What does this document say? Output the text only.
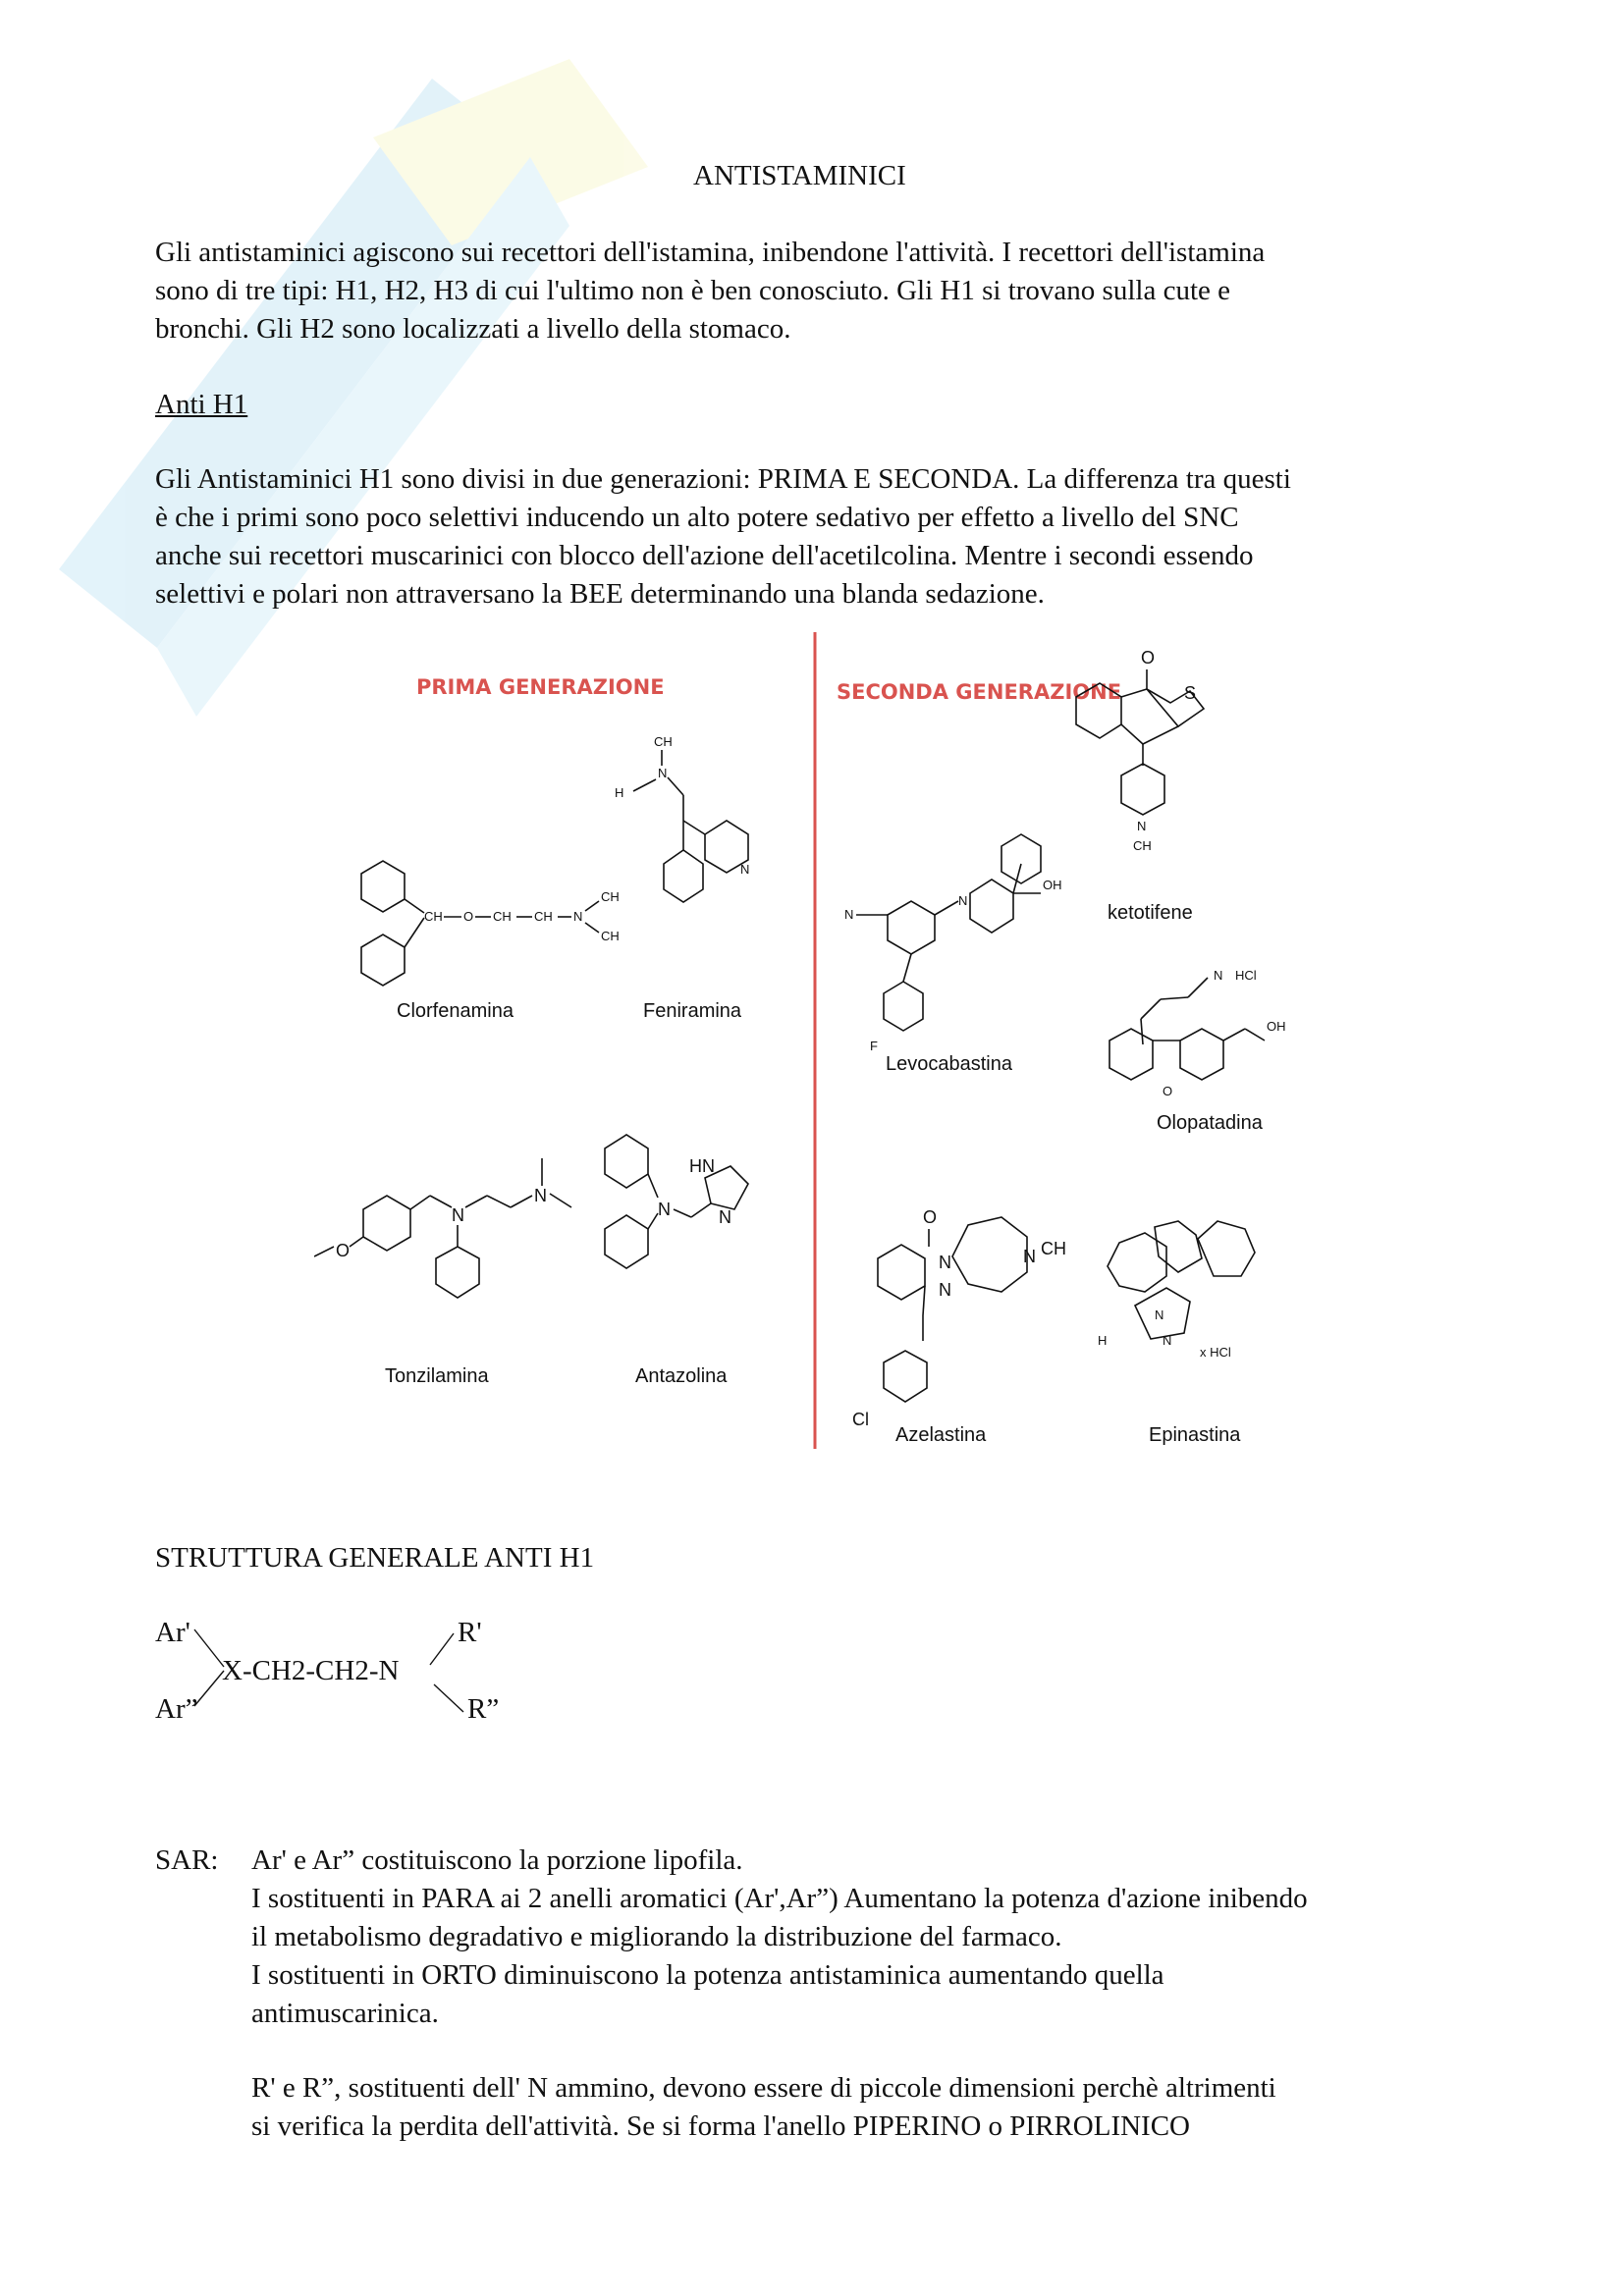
ANTISTAMINICI
Gli antistaminici agiscono sui recettori dell'istamina, inibendone l'attività. I recettori dell'istamina
sono di tre tipi: H1, H2, H3 di cui l'ultimo non è ben conosciuto. Gli H1 si trovano sulla cute e
bronchi. Gli H2 sono localizzati a livello della stomaco.
Anti H1
Gli Antistaminici H1 sono divisi in due generazioni: PRIMA E SECONDA. La differenza tra questi
è che i primi sono poco selettivi inducendo un alto potere sedativo per effetto a livello del SNC
anche sui recettori muscarinici con blocco dell'azione dell'acetilcolina. Mentre i secondi essendo
selettivi e polari non attraversano la BEE determinando una blanda sedazione.
PRIMA GENERAZIONE	SECONDA GENERAZIONE
CH O CH CH N
CH
CH
Clorfenamina
CH
N
H
N
Feniramina
O
N
N
Tonzilamina
N
HN
N
Antazolina
N
F
N
OH
Levocabastina
O
S
N
CH
ketotifene
N HCl
O
OH
Olopatadina
O
N
N
Cl
N CH
Azelastina
N
N
H
x HCl
Epinastina
STRUTTURA GENERALE ANTI H1
Ar'
X-CH2-CH2-N
Ar”
R'
R”
SAR: Ar' e Ar” costituiscono la porzione lipofila.
I sostituenti in PARA ai 2 anelli aromatici (Ar',Ar”) Aumentano la potenza d'azione inibendo
il metabolismo degradativo e migliorando la distribuzione del farmaco.
I sostituenti in ORTO diminuiscono la potenza antistaminica aumentando quella
antimuscarinica.
R' e R”, sostituenti dell' N ammino, devono essere di piccole dimensioni perchè altrimenti
si verifica la perdita dell'attività. Se si forma l'anello PIPERINO o PIRROLINICO
